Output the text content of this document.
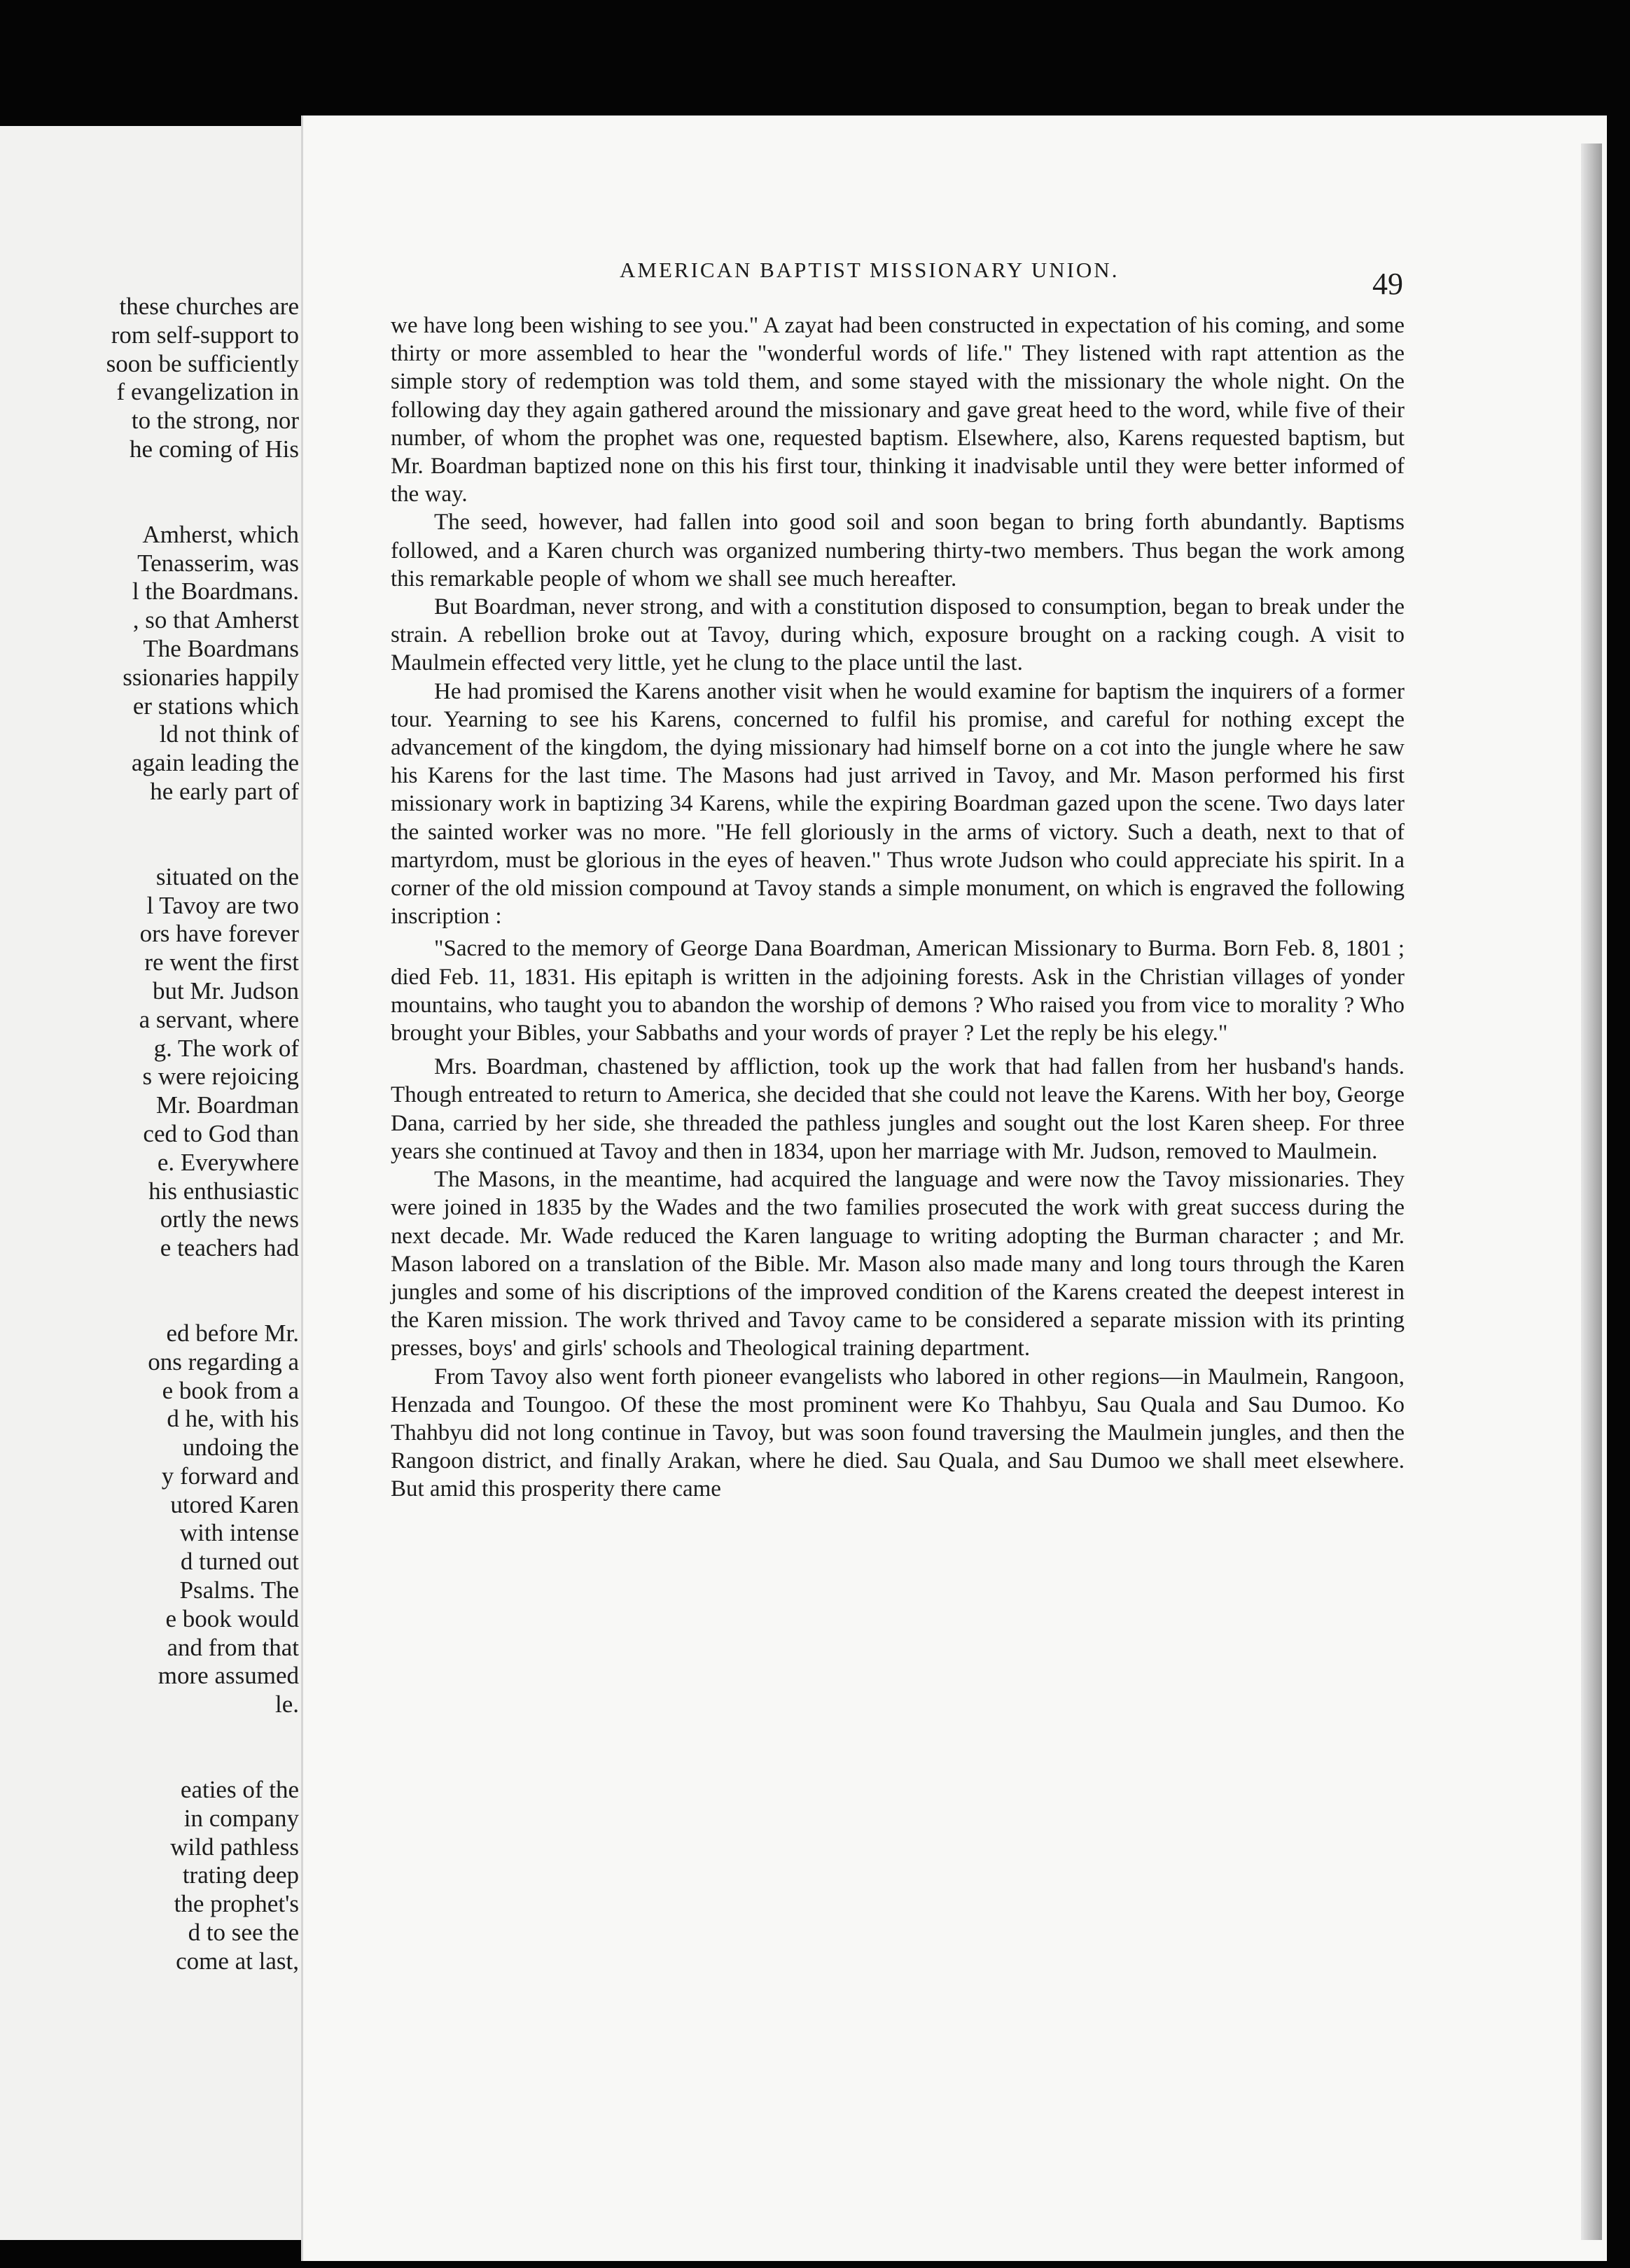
these churches are
rom self-support to
soon be sufficiently
f evangelization in
to the strong, nor
he coming of His
Amherst, which
Tenasserim, was
l the Boardmans.
, so that Amherst
The Boardmans
ssionaries happily
er stations which
ld not think of
again leading the
he early part of
situated on the
l Tavoy are two
ors have forever
re went the first
but Mr. Judson
a servant, where
g. The work of
s were rejoicing
Mr. Boardman
ced to God than
e. Everywhere
his enthusiastic
ortly the news
e teachers had
ed before Mr.
ons regarding a
e book from a
d he, with his
undoing the
y forward and
utored Karen
with intense
d turned out
Psalms. The
e book would
and from that
more assumed
le.
eaties of the
in company
wild pathless
trating deep
the prophet's
d to see the
come at last,
AMERICAN BAPTIST MISSIONARY UNION.	49

we have long been wishing to see you." A zayat had been constructed in expectation of his coming, and some thirty or more assembled to hear the "wonderful words of life." They listened with rapt attention as the simple story of redemption was told them, and some stayed with the missionary the whole night. On the following day they again gathered around the missionary and gave great heed to the word, while five of their number, of whom the prophet was one, requested baptism. Elsewhere, also, Karens requested baptism, but Mr. Boardman baptized none on this his first tour, thinking it inadvisable until they were better informed of the way.

The seed, however, had fallen into good soil and soon began to bring forth abundantly. Baptisms followed, and a Karen church was organized numbering thirty-two members. Thus began the work among this remarkable people of whom we shall see much hereafter.

But Boardman, never strong, and with a constitution disposed to consumption, began to break under the strain. A rebellion broke out at Tavoy, during which, exposure brought on a racking cough. A visit to Maulmein effected very little, yet he clung to the place until the last.

He had promised the Karens another visit when he would examine for baptism the inquirers of a former tour. Yearning to see his Karens, concerned to fulfil his promise, and careful for nothing except the advancement of the kingdom, the dying missionary had himself borne on a cot into the jungle where he saw his Karens for the last time. The Masons had just arrived in Tavoy, and Mr. Mason performed his first missionary work in baptizing 34 Karens, while the expiring Boardman gazed upon the scene. Two days later the sainted worker was no more. "He fell gloriously in the arms of victory. Such a death, next to that of martyrdom, must be glorious in the eyes of heaven." Thus wrote Judson who could appreciate his spirit. In a corner of the old mission compound at Tavoy stands a simple monument, on which is engraved the following inscription :

"Sacred to the memory of George Dana Boardman, American Missionary to Burma. Born Feb. 8, 1801 ; died Feb. 11, 1831. His epitaph is written in the adjoining forests. Ask in the Christian villages of yonder mountains, who taught you to abandon the worship of demons ? Who raised you from vice to morality ? Who brought your Bibles, your Sabbaths and your words of prayer ? Let the reply be his elegy."

Mrs. Boardman, chastened by affliction, took up the work that had fallen from her husband's hands. Though entreated to return to America, she decided that she could not leave the Karens. With her boy, George Dana, carried by her side, she threaded the pathless jungles and sought out the lost Karen sheep. For three years she continued at Tavoy and then in 1834, upon her marriage with Mr. Judson, removed to Maulmein.

The Masons, in the meantime, had acquired the language and were now the Tavoy missionaries. They were joined in 1835 by the Wades and the two families prosecuted the work with great success during the next decade. Mr. Wade reduced the Karen language to writing adopting the Burman character ; and Mr. Mason labored on a translation of the Bible. Mr. Mason also made many and long tours through the Karen jungles and some of his discriptions of the improved condition of the Karens created the deepest interest in the Karen mission. The work thrived and Tavoy came to be considered a separate mission with its printing presses, boys' and girls' schools and Theological training department.

From Tavoy also went forth pioneer evangelists who labored in other regions—in Maulmein, Rangoon, Henzada and Toungoo. Of these the most prominent were Ko Thahbyu, Sau Quala and Sau Dumoo. Ko Thahbyu did not long continue in Tavoy, but was soon found traversing the Maulmein jungles, and then the Rangoon district, and finally Arakan, where he died. Sau Quala, and Sau Dumoo we shall meet elsewhere. But amid this prosperity there came
